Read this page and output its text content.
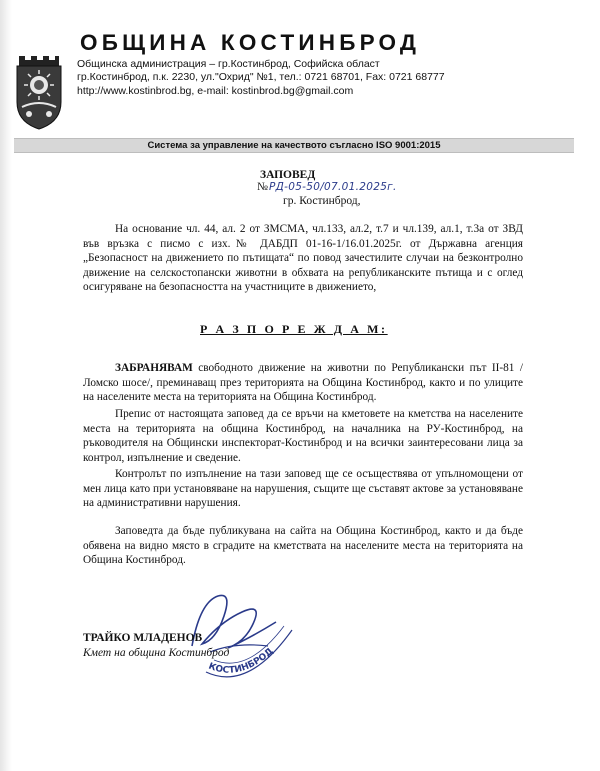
ОБЩИНА КОСТИНБРОД
Общинска администрация – гр.Костинброд, Софийска област
гр.Костинброд, п.к. 2230, ул."Охрид" №1, тел.: 0721 68701, Fax: 0721 68777
http://www.kostinbrod.bg, e-mail: kostinbrod.bg@gmail.com
Система за управление на качеството съгласно ISO 9001:2015
ЗАПОВЕД
№РД-05-50/07.01.2025г.
гр. Костинброд,
На основание чл. 44, ал. 2 от ЗМСМА, чл.133, ал.2, т.7 и чл.139, ал.1, т.3а от ЗВД във връзка с писмо с изх.№ ДАБДП 01-16-1/16.01.2025г. от Държавна агенция „Безопасност на движението по пътищата“ по повод зачестилите случаи на безконтролно движение на селскостопански животни в обхвата на републиканските пътища и с оглед осигуряване на безопасността на участниците в движението,
Р А З П О Р Е Ж Д А М:
ЗАБРАНЯВАМ свободното движение на животни по Републикански път II-81 /Ломско шосе/, преминаващ през територията на Община Костинброд, както и по улиците на населените места на територията на Община Костинброд.
Препис от настоящата заповед да се връчи на кметовете на кметства на населените места на територията на община Костинброд, на началника на РУ-Костинброд, на ръководителя на Общински инспекторат-Костинброд и на всички заинтересовани лица за контрол, изпълнение и сведение.
Контролът по изпълнение на тази заповед ще се осъществява от упълномощени от мен лица като при установяване на нарушения, същите ще съставят актове за установяване на административни нарушения.
Заповедта да бъде публикувана на сайта на Община Костинброд, както и да бъде обявена на видно място в сградите на кметствата на населените места на територията на Община Костинброд.
КОСТИНБРОД
ТРАЙКО МЛАДЕНОВ
Кмет на община Костинброд
